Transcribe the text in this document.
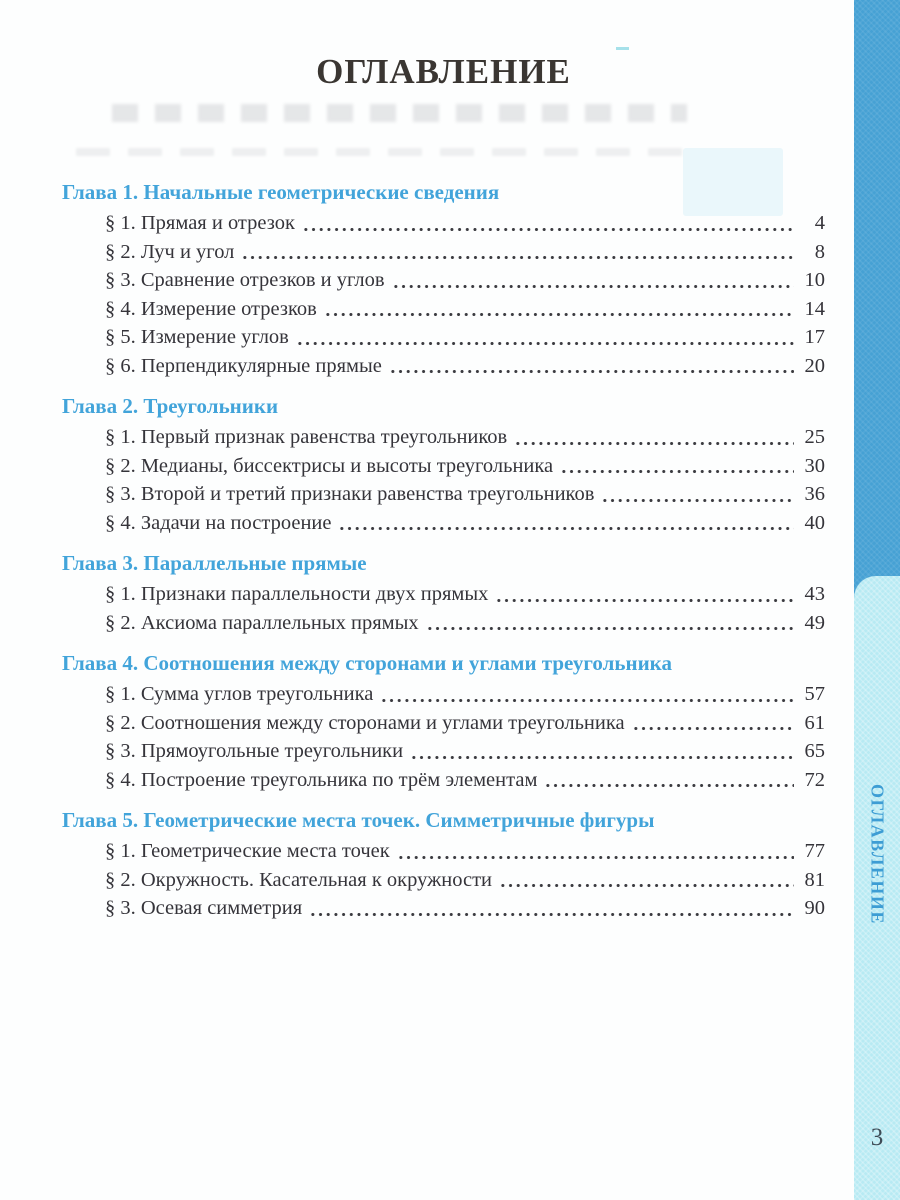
ОГЛАВЛЕНИЕ
Глава 1. Начальные геометрические сведения
§ 1. Прямая и отрезок	4
§ 2. Луч и угол	8
§ 3. Сравнение отрезков и углов	10
§ 4. Измерение отрезков	14
§ 5. Измерение углов	17
§ 6. Перпендикулярные прямые	20
Глава 2. Треугольники
§ 1. Первый признак равенства треугольников	25
§ 2. Медианы, биссектрисы и высоты треугольника	30
§ 3. Второй и третий признаки равенства треугольников	36
§ 4. Задачи на построение	40
Глава 3. Параллельные прямые
§ 1. Признаки параллельности двух прямых	43
§ 2. Аксиома параллельных прямых	49
Глава 4. Соотношения между сторонами и углами треугольника
§ 1. Сумма углов треугольника	57
§ 2. Соотношения между сторонами и углами треугольника	61
§ 3. Прямоугольные треугольники	65
§ 4. Построение треугольника по трём элементам	72
Глава 5. Геометрические места точек. Симметричные фигуры
§ 1. Геометрические места точек	77
§ 2. Окружность. Касательная к окружности	81
§ 3. Осевая симметрия	90	ОГЛАВЛЕНИЕ
3
